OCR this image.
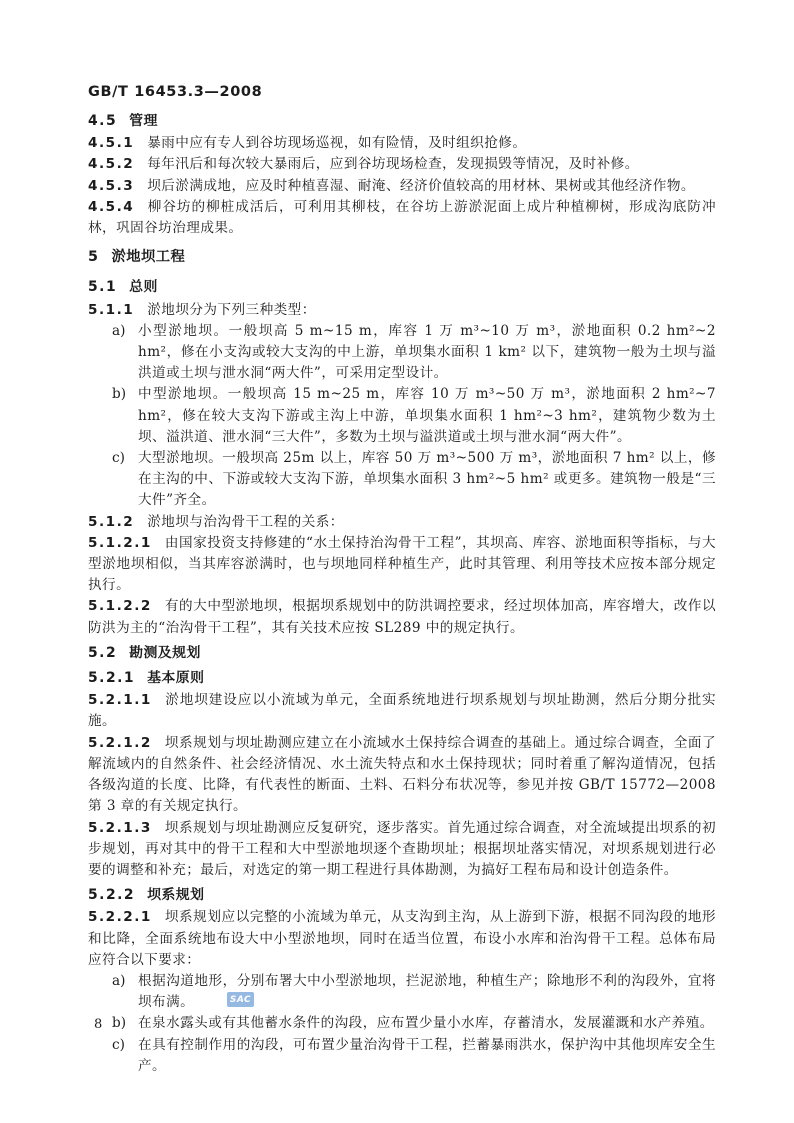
GB/T 16453.3—2008

4.5 管理

4.5.1 暴雨中应有专人到谷坊现场巡视，如有险情，及时组织抢修。

4.5.2 每年汛后和每次较大暴雨后，应到谷坊现场检查，发现损毁等情况，及时补修。

4.5.3 坝后淤满成地，应及时种植喜湿、耐淹、经济价值较高的用材林、果树或其他经济作物。

4.5.4 柳谷坊的柳桩成活后，可利用其柳枝，在谷坊上游淤泥面上成片种植柳树，形成沟底防冲林，巩固谷坊治理成果。

5 淤地坝工程

5.1 总则

5.1.1 淤地坝分为下列三种类型：

a) 小型淤地坝。一般坝高 5 m~15 m，库容 1 万 m³~10 万 m³，淤地面积 0.2 hm²~2 hm²，修在小支沟或较大支沟的中上游，单坝集水面积 1 km² 以下，建筑物一般为土坝与溢洪道或土坝与泄水洞“两大件”，可采用定型设计。

b) 中型淤地坝。一般坝高 15 m~25 m，库容 10 万 m³~50 万 m³，淤地面积 2 hm²~7 hm²，修在较大支沟下游或主沟上中游，单坝集水面积 1 hm²~3 hm²，建筑物少数为土坝、溢洪道、泄水洞“三大件”，多数为土坝与溢洪道或土坝与泄水洞“两大件”。

c) 大型淤地坝。一般坝高 25m 以上，库容 50 万 m³~500 万 m³，淤地面积 7 hm² 以上，修在主沟的中、下游或较大支沟下游，单坝集水面积 3 hm²~5 hm² 或更多。建筑物一般是“三大件”齐全。

5.1.2 淤地坝与治沟骨干工程的关系：

5.1.2.1 由国家投资支持修建的“水土保持治沟骨干工程”，其坝高、库容、淤地面积等指标，与大型淤地坝相似，当其库容淤满时，也与坝地同样种植生产，此时其管理、利用等技术应按本部分规定执行。

5.1.2.2 有的大中型淤地坝，根据坝系规划中的防洪调控要求，经过坝体加高，库容增大，改作以防洪为主的“治沟骨干工程”，其有关技术应按 SL289 中的规定执行。

5.2 勘测及规划

5.2.1 基本原则

5.2.1.1 淤地坝建设应以小流域为单元，全面系统地进行坝系规划与坝址勘测，然后分期分批实施。

5.2.1.2 坝系规划与坝址勘测应建立在小流域水土保持综合调查的基础上。通过综合调查，全面了解流域内的自然条件、社会经济情况、水土流失特点和水土保持现状；同时着重了解沟道情况，包括各级沟道的长度、比降，有代表性的断面、土料、石料分布状况等，参见并按 GB/T 15772—2008 第 3 章的有关规定执行。

5.2.1.3 坝系规划与坝址勘测应反复研究，逐步落实。首先通过综合调查，对全流域提出坝系的初步规划，再对其中的骨干工程和大中型淤地坝逐个查勘坝址；根据坝址落实情况，对坝系规划进行必要的调整和补充；最后，对选定的第一期工程进行具体勘测，为搞好工程布局和设计创造条件。

5.2.2 坝系规划

5.2.2.1 坝系规划应以完整的小流域为单元，从支沟到主沟，从上游到下游，根据不同沟段的地形和比降，全面系统地布设大中小型淤地坝，同时在适当位置，布设小水库和治沟骨干工程。总体布局应符合以下要求：

a) 根据沟道地形，分别布署大中小型淤地坝，拦泥淤地，种植生产；除地形不利的沟段外，宜将坝布满。

b) 在泉水露头或有其他蓄水条件的沟段，应布置少量小水库，存蓄清水，发展灌溉和水产养殖。

c) 在具有控制作用的沟段，可布置少量治沟骨干工程，拦蓄暴雨洪水，保护沟中其他坝库安全生产。

SAC
8
